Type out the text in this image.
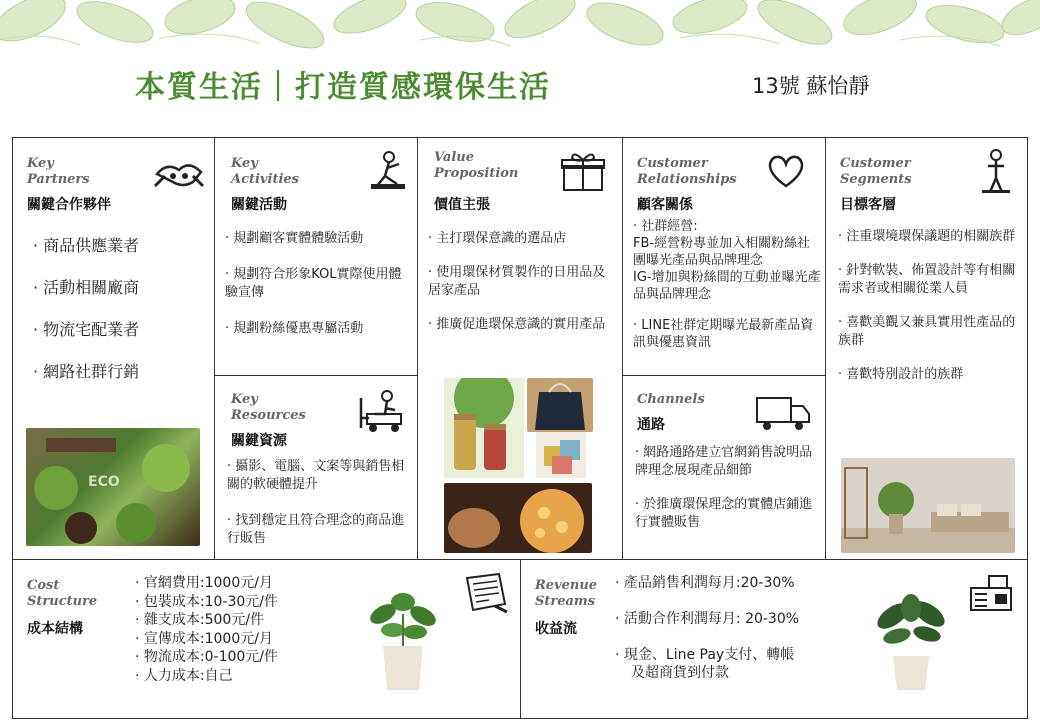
本質生活｜打造質感環保生活	13號 蘇怡靜
Key
Partners
關鍵合作夥伴

· 商品供應業者

· 活動相關廠商

· 物流宅配業者

· 網路社群行銷

ECO
Key
Activities
關鍵活動

· 規劃顧客實體體驗活動

· 規劃符合形象KOL實際使用體驗宣傳

· 規劃粉絲優惠專屬活動

Key
Resources
關鍵資源

· 攝影、電腦、文案等與銷售相關的軟硬體提升

· 找到穩定且符合理念的商品進行販售

Value
Proposition
價值主張

· 主打環保意識的選品店

· 使用環保材質製作的日用品及居家產品

· 推廣促進環保意識的實用產品

Customer
Relationships
顧客關係
· 社群經營:
FB-經營粉專並加入相關粉絲社團曝光產品與品牌理念
IG-增加與粉絲間的互動並曝光產品與品牌理念
· LINE社群定期曝光最新產品資訊與優惠資訊
Channels
通路

· 網路通路建立官網銷售說明品牌理念展現產品細節

· 於推廣環保理念的實體店鋪進行實體販售

Customer
Segments
目標客層

· 注重環境環保議題的相關族群

· 針對軟裝、佈置設計等有相關需求者或相關從業人員

· 喜歡美觀又兼具實用性產品的族群

· 喜歡特別設計的族群

Cost
Structure
成本結構
· 官網費用:1000元/月
· 包裝成本:10-30元/件
· 雜支成本:500元/件
· 宣傳成本:1000元/月
· 物流成本:0-100元/件
· 人力成本:自己
Revenue
Streams
收益流
· 產品銷售利潤每月:20-30%
· 活動合作利潤每月: 20-30%
· 現金、Line Pay支付、轉帳
及超商貨到付款
